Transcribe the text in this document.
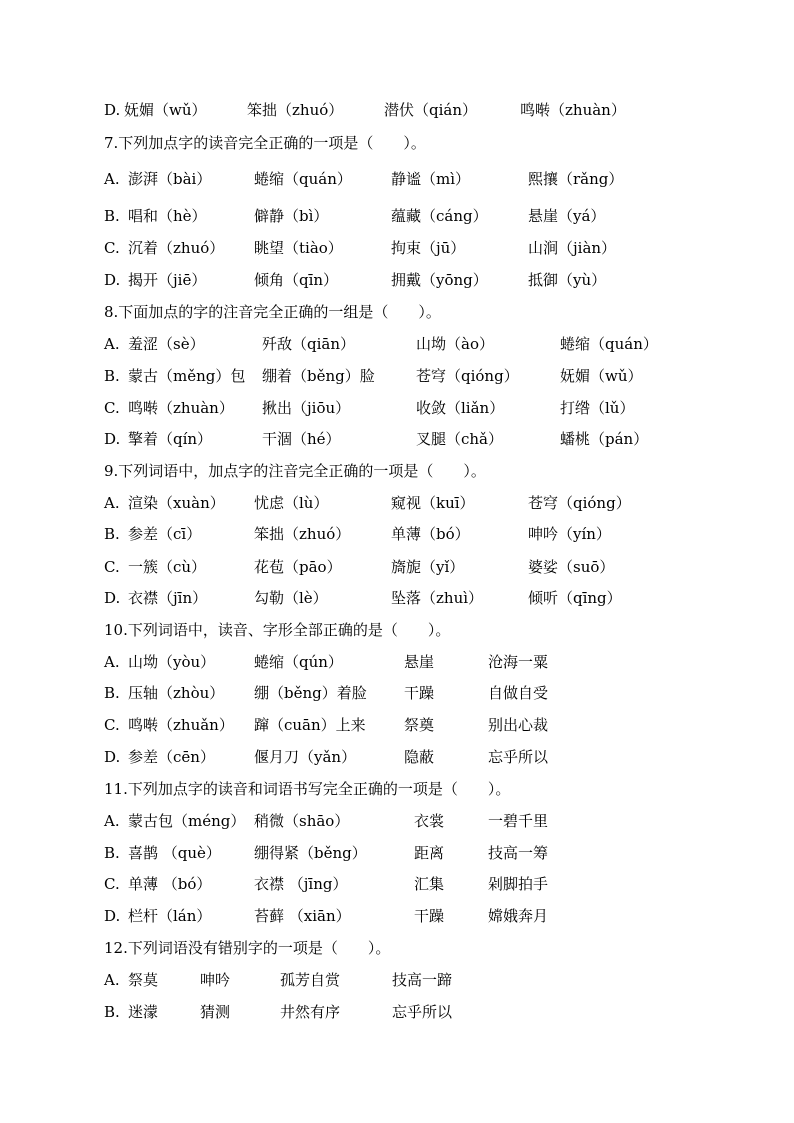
D. 妩媚（wǔ）	笨拙（zhuó）	潜伏（qián）	鸣啭（zhuàn）
7.下列加点字的读音完全正确的一项是（　　）。
A. 澎湃（bài）	蜷缩（quán）	静谧（mì）	熙攘（rǎng）
B. 唱和（hè）	僻静（bì）	蕴藏（cáng）	悬崖（yá）
C. 沉着（zhuó） 眺望（tiào）	拘束（jū）	山涧（jiàn）
D. 揭开（jiē）	倾角（qīn）	拥戴（yōng）	抵御（yù）
8.下面加点的字的注音完全正确的一组是（　　）。
A. 羞涩（sè）	歼敌（qiān）	山坳（ào）	蜷缩（quán）
B. 蒙古（měng）包 绷着（běng）脸	苍穹（qióng）	妩媚（wǔ）
C. 鸣啭（zhuàn） 揪出（jiōu）	收敛（liǎn）	打绺（lǔ）
D. 擎着（qín）	干涸（hé）	叉腿（chǎ）	蟠桃（pán）
9.下列词语中，加点字的注音完全正确的一项是（　　）。
A. 渲染（xuàn） 忧虑（lù）	窥视（kuī）	苍穹（qióng）
B. 参差（cī）	笨拙（zhuó）	单薄（bó）	呻吟（yín）
C. 一簇（cù）	花苞（pāo）	旖旎（yǐ）	婆娑（suō）
D. 衣襟（jīn）	勾勒（lè）	坠落（zhuì）	倾听（qīng）
10.下列词语中，读音、字形全部正确的是（　　）。
A. 山坳（yòu）	蜷缩（qún）	悬崖	沧海一粟
B. 压轴（zhòu） 绷（běng）着脸 干躁	自做自受
C. 鸣啭（zhuǎn） 蹿（cuān）上来	祭奠	别出心裁
D. 参差（cēn）	偃月刀（yǎn）	隐蔽	忘乎所以
11.下列加点字的读音和词语书写完全正确的一项是（　　）。
A. 蒙古包（méng） 稍微（shāo）	衣裳	一碧千里
B. 喜鹊 （què） 绷得紧（běng）	距离	技高一筹
C. 单薄 （bó）	衣襟 （jīng）	汇集	剁脚拍手
D. 栏杆（lán）	苔藓 （xiān）	干躁	嫦娥奔月
12.下列词语没有错别字的一项是（　　）。
A. 祭莫	呻吟	孤芳自赏	技高一蹄
B. 迷濛	猜测	井然有序	忘乎所以
